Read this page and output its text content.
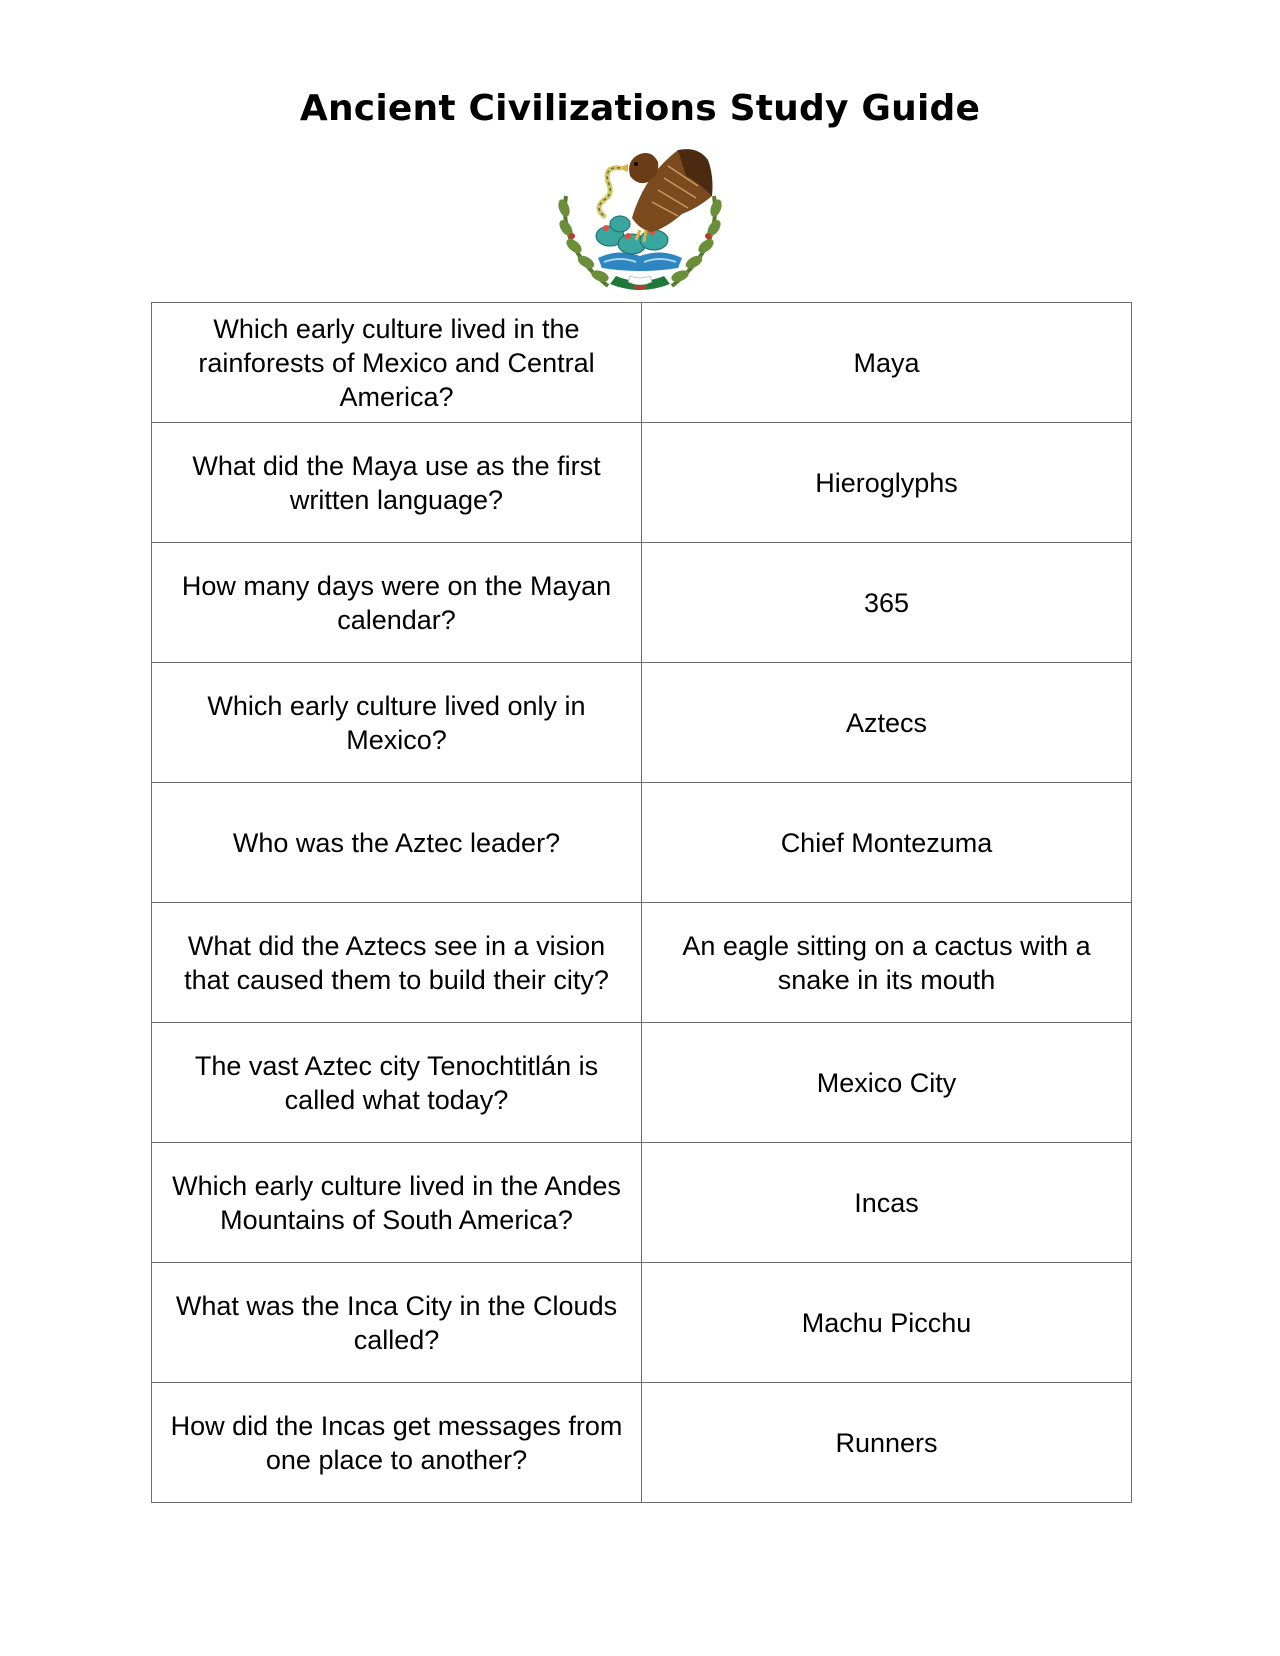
Ancient Civilizations Study Guide
Which early culture lived in the rainforests of Mexico and Central America?	Maya
What did the Maya use as the first written language?	Hieroglyphs
How many days were on the Mayan calendar?	365
Which early culture lived only in Mexico?	Aztecs
Who was the Aztec leader?	Chief Montezuma
What did the Aztecs see in a vision that caused them to build their city?	An eagle sitting on a cactus with a snake in its mouth
The vast Aztec city Tenochtitlán is called what today?	Mexico City
Which early culture lived in the Andes Mountains of South America?	Incas
What was the Inca City in the Clouds called?	Machu Picchu
How did the Incas get messages from one place to another?	Runners
